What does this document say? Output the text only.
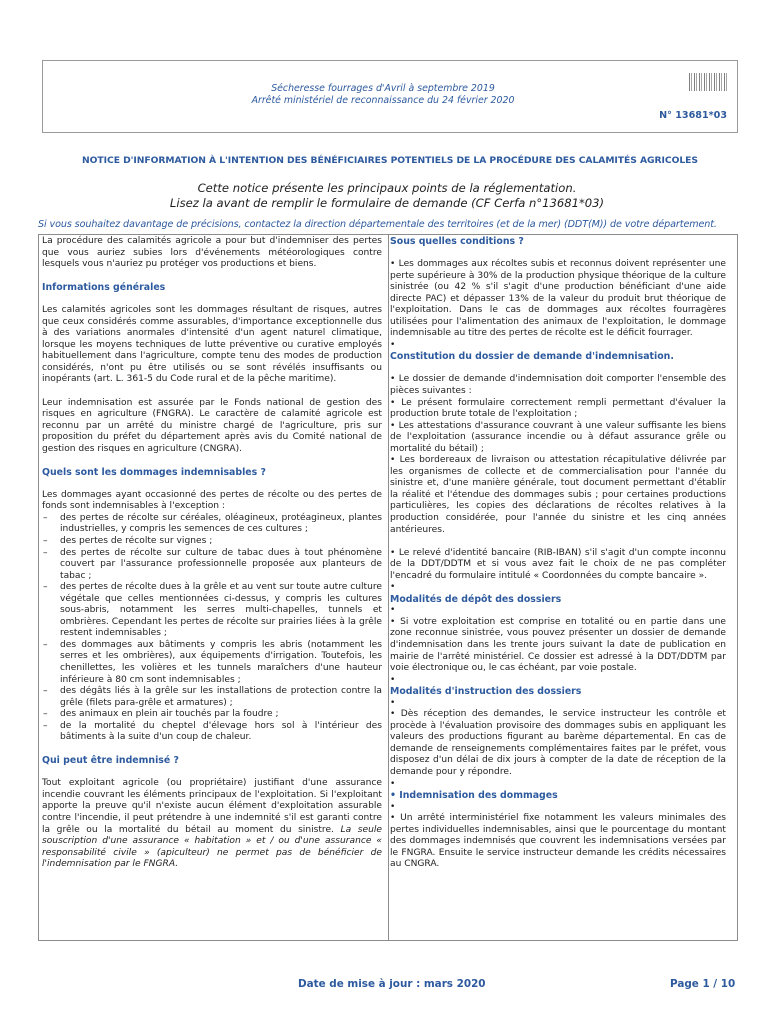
Sécheresse fourrages d'Avril à septembre 2019
Arrêté ministériel de reconnaissance du 24 février 2020
N° 13681*03
NOTICE D'INFORMATION À L'INTENTION DES BÉNÉFICIAIRES POTENTIELS DE LA PROCÉDURE DES CALAMITÉS AGRICOLES
Cette notice présente les principaux points de la réglementation.
Lisez la avant de remplir le formulaire de demande (CF Cerfa n°13681*03)
Si vous souhaitez davantage de précisions, contactez la direction départementale des territoires (et de la mer) (DDT(M)) de votre département.

La procédure des calamités agricole a pour but d'indemniser des pertes que vous auriez subies lors d'événements météorologiques contre lesquels vous n'auriez pu protéger vos productions et biens.

Informations générales

Les calamités agricoles sont les dommages résultant de risques, autres que ceux considérés comme assurables, d'importance exceptionnelle dus à des variations anormales d'intensité d'un agent naturel climatique, lorsque les moyens techniques de lutte préventive ou curative employés habituellement dans l'agriculture, compte tenu des modes de production considérés, n'ont pu être utilisés ou se sont révélés insuffisants ou inopérants (art. L. 361-5 du Code rural et de la pêche maritime).

Leur indemnisation est assurée par le Fonds national de gestion des risques en agriculture (FNGRA). Le caractère de calamité agricole est reconnu par un arrêté du ministre chargé de l'agriculture, pris sur proposition du préfet du département après avis du Comité national de gestion des risques en agriculture (CNGRA).

Quels sont les dommages indemnisables ?

Les dommages ayant occasionné des pertes de récolte ou des pertes de fonds sont indemnisables à l'exception :

– des pertes de récolte sur céréales, oléagineux, protéagineux, plantes industrielles, y compris les semences de ces cultures ;
– des pertes de récolte sur vignes ;
– des pertes de récolte sur culture de tabac dues à tout phénomène couvert par l'assurance professionnelle proposée aux planteurs de tabac ;
– des pertes de récolte dues à la grêle et au vent sur toute autre culture végétale que celles mentionnées ci-dessus, y compris les cultures sous-abris, notamment les serres multi-chapelles, tunnels et ombrières. Cependant les pertes de récolte sur prairies liées à la grêle restent indemnisables ;
– des dommages aux bâtiments y compris les abris (notamment les serres et les ombrières), aux équipements d'irrigation. Toutefois, les chenillettes, les volières et les tunnels maraîchers d'une hauteur inférieure à 80 cm sont indemnisables ;
– des dégâts liés à la grêle sur les installations de protection contre la grêle (filets para-grêle et armatures) ;
– des animaux en plein air touchés par la foudre ;
– de la mortalité du cheptel d'élevage hors sol à l'intérieur des bâtiments à la suite d'un coup de chaleur.

Qui peut être indemnisé ?

Tout exploitant agricole (ou propriétaire) justifiant d'une assurance incendie couvrant les éléments principaux de l'exploitation. Si l'exploitant apporte la preuve qu'il n'existe aucun élément d'exploitation assurable contre l'incendie, il peut prétendre à une indemnité s'il est garanti contre la grêle ou la mortalité du bétail au moment du sinistre. La seule souscription d'une assurance « habitation » et / ou d'une assurance « responsabilité civile » (apiculteur) ne permet pas de bénéficier de l'indemnisation par le FNGRA.

Sous quelles conditions ?

• Les dommages aux récoltes subis et reconnus doivent représenter une perte supérieure à 30% de la production physique théorique de la culture sinistrée (ou 42 % s'il s'agit d'une production bénéficiant d'une aide directe PAC) et dépasser 13% de la valeur du produit brut théorique de l'exploitation. Dans le cas de dommages aux récoltes fourragères utilisées pour l'alimentation des animaux de l'exploitation, le dommage indemnisable au titre des pertes de récolte est le déficit fourrager.

•

Constitution du dossier de demande d'indemnisation.

• Le dossier de demande d'indemnisation doit comporter l'ensemble des pièces suivantes :

• Le présent formulaire correctement rempli permettant d'évaluer la production brute totale de l'exploitation ;

• Les attestations d'assurance couvrant à une valeur suffisante les biens de l'exploitation (assurance incendie ou à défaut assurance grêle ou mortalité du bétail) ;

• Les bordereaux de livraison ou attestation récapitulative délivrée par les organismes de collecte et de commercialisation pour l'année du sinistre et, d'une manière générale, tout document permettant d'établir la réalité et l'étendue des dommages subis ; pour certaines productions particulières, les copies des déclarations de récoltes relatives à la production considérée, pour l'année du sinistre et les cinq années antérieures.

• Le relevé d'identité bancaire (RIB-IBAN) s'il s'agit d'un compte inconnu de la DDT/DDTM et si vous avez fait le choix de ne pas compléter l'encadré du formulaire intitulé « Coordonnées du compte bancaire ».

•

Modalités de dépôt des dossiers

•

• Si votre exploitation est comprise en totalité ou en partie dans une zone reconnue sinistrée, vous pouvez présenter un dossier de demande d'indemnisation dans les trente jours suivant la date de publication en mairie de l'arrêté ministériel. Ce dossier est adressé à la DDT/DDTM par voie électronique ou, le cas échéant, par voie postale.

•

Modalités d'instruction des dossiers

•

• Dès réception des demandes, le service instructeur les contrôle et procède à l'évaluation provisoire des dommages subis en appliquant les valeurs des productions figurant au barème départemental. En cas de demande de renseignements complémentaires faites par le préfet, vous disposez d'un délai de dix jours à compter de la date de réception de la demande pour y répondre.

•

• Indemnisation des dommages

•

• Un arrêté interministériel fixe notamment les valeurs minimales des pertes individuelles indemnisables, ainsi que le pourcentage du montant des dommages indemnisés que couvrent les indemnisations versées par le FNGRA. Ensuite le service instructeur demande les crédits nécessaires au CNGRA.

Date de mise à jour : mars 2020	Page 1 / 10
